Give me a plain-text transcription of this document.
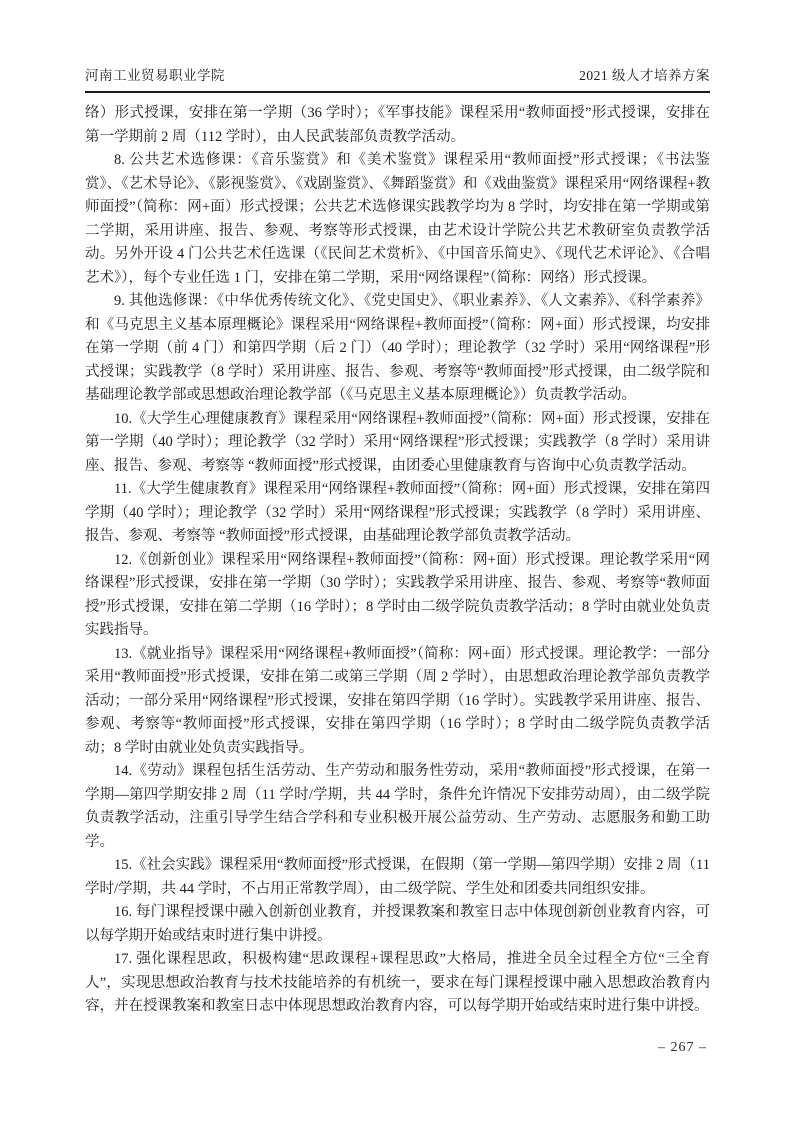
河南工业贸易职业学院	2021 级人才培养方案

络）形式授课，安排在第一学期（36 学时）；《军事技能》课程采用“教师面授”形式授课，安排在第一学期前 2 周（112 学时），由人民武装部负责教学活动。

8. 公共艺术选修课：《音乐鉴赏》和《美术鉴赏》课程采用“教师面授”形式授课；《书法鉴赏》、《艺术导论》、《影视鉴赏》、《戏剧鉴赏》、《舞蹈鉴赏》和《戏曲鉴赏》课程采用“网络课程+教师面授”（简称：网+面）形式授课；公共艺术选修课实践教学均为 8 学时，均安排在第一学期或第二学期，采用讲座、报告、参观、考察等形式授课，由艺术设计学院公共艺术教研室负责教学活动。另外开设 4 门公共艺术任选课（《民间艺术赏析》、《中国音乐简史》、《现代艺术评论》、《合唱艺术》），每个专业任选 1 门，安排在第二学期，采用“网络课程”（简称：网络）形式授课。

9. 其他选修课：《中华优秀传统文化》、《党史国史》、《职业素养》、《人文素养》、《科学素养》和《马克思主义基本原理概论》课程采用“网络课程+教师面授”（简称：网+面）形式授课，均安排在第一学期（前 4 门）和第四学期（后 2 门）（40 学时）；理论教学（32 学时）采用“网络课程”形式授课；实践教学（8 学时）采用讲座、报告、参观、考察等“教师面授”形式授课，由二级学院和基础理论教学部或思想政治理论教学部（《马克思主义基本原理概论》）负责教学活动。

10.《大学生心理健康教育》课程采用“网络课程+教师面授”（简称：网+面）形式授课，安排在第一学期（40 学时）；理论教学（32 学时）采用“网络课程”形式授课；实践教学（8 学时）采用讲座、报告、参观、考察等 “教师面授”形式授课，由团委心里健康教育与咨询中心负责教学活动。

11.《大学生健康教育》课程采用“网络课程+教师面授”（简称：网+面）形式授课，安排在第四学期（40 学时）；理论教学（32 学时）采用“网络课程”形式授课；实践教学（8 学时）采用讲座、报告、参观、考察等 “教师面授”形式授课，由基础理论教学部负责教学活动。

12.《创新创业》课程采用“网络课程+教师面授”（简称：网+面）形式授课。理论教学采用“网络课程”形式授课，安排在第一学期（30 学时）；实践教学采用讲座、报告、参观、考察等“教师面授”形式授课，安排在第二学期（16 学时）；8 学时由二级学院负责教学活动；8 学时由就业处负责实践指导。

13.《就业指导》课程采用“网络课程+教师面授”（简称：网+面）形式授课。理论教学：一部分采用“教师面授”形式授课，安排在第二或第三学期（周 2 学时），由思想政治理论教学部负责教学活动；一部分采用“网络课程”形式授课，安排在第四学期（16 学时）。实践教学采用讲座、报告、参观、考察等“教师面授”形式授课，安排在第四学期（16 学时）；8 学时由二级学院负责教学活动；8 学时由就业处负责实践指导。

14.《劳动》课程包括生活劳动、生产劳动和服务性劳动，采用“教师面授”形式授课，在第一学期—第四学期安排 2 周（11 学时/学期，共 44 学时，条件允许情况下安排劳动周），由二级学院负责教学活动，注重引导学生结合学科和专业积极开展公益劳动、生产劳动、志愿服务和勤工助学。

15.《社会实践》课程采用“教师面授”形式授课，在假期（第一学期—第四学期）安排 2 周（11 学时/学期，共 44 学时，不占用正常教学周），由二级学院、学生处和团委共同组织安排。

16. 每门课程授课中融入创新创业教育，并授课教案和教室日志中体现创新创业教育内容，可以每学期开始或结束时进行集中讲授。

17. 强化课程思政，积极构建“思政课程+课程思政”大格局，推进全员全过程全方位“三全育人”，实现思想政治教育与技术技能培养的有机统一，要求在每门课程授课中融入思想政治教育内容，并在授课教案和教室日志中体现思想政治教育内容，可以每学期开始或结束时进行集中讲授。

– 267 –
